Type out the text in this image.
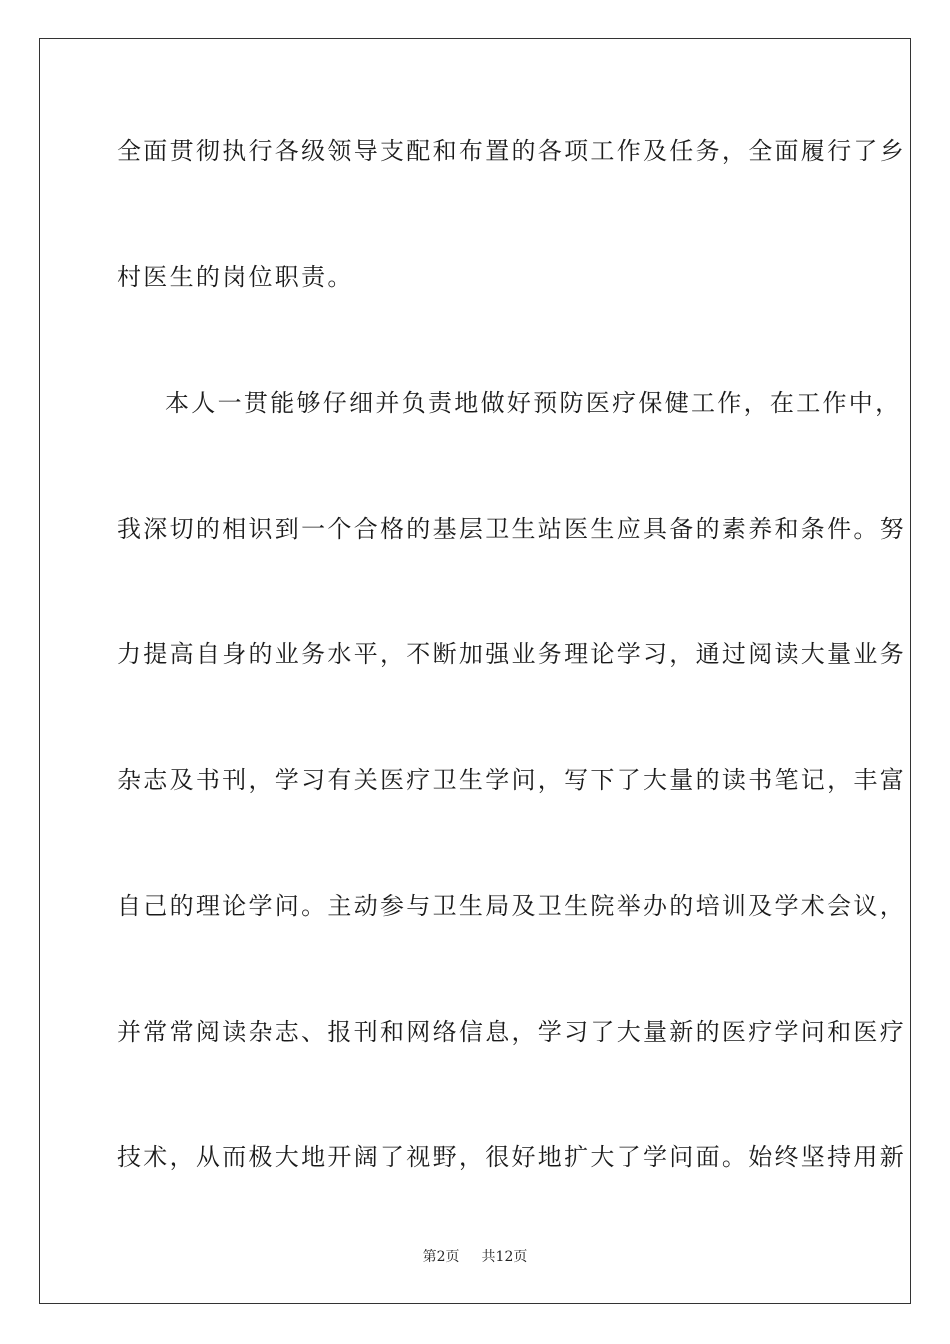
全面贯彻执行各级领导支配和布置的各项工作及任务，全面履行了乡
村医生的岗位职责。
本人一贯能够仔细并负责地做好预防医疗保健工作，在工作中，
我深切的相识到一个合格的基层卫生站医生应具备的素养和条件。努
力提高自身的业务水平，不断加强业务理论学习，通过阅读大量业务
杂志及书刊，学习有关医疗卫生学问，写下了大量的读书笔记，丰富
自己的理论学问。主动参与卫生局及卫生院举办的培训及学术会议，
并常常阅读杂志、报刊和网络信息，学习了大量新的医疗学问和医疗
技术，从而极大地开阔了视野，很好地扩大了学问面。始终坚持用新
第2页 共12页
